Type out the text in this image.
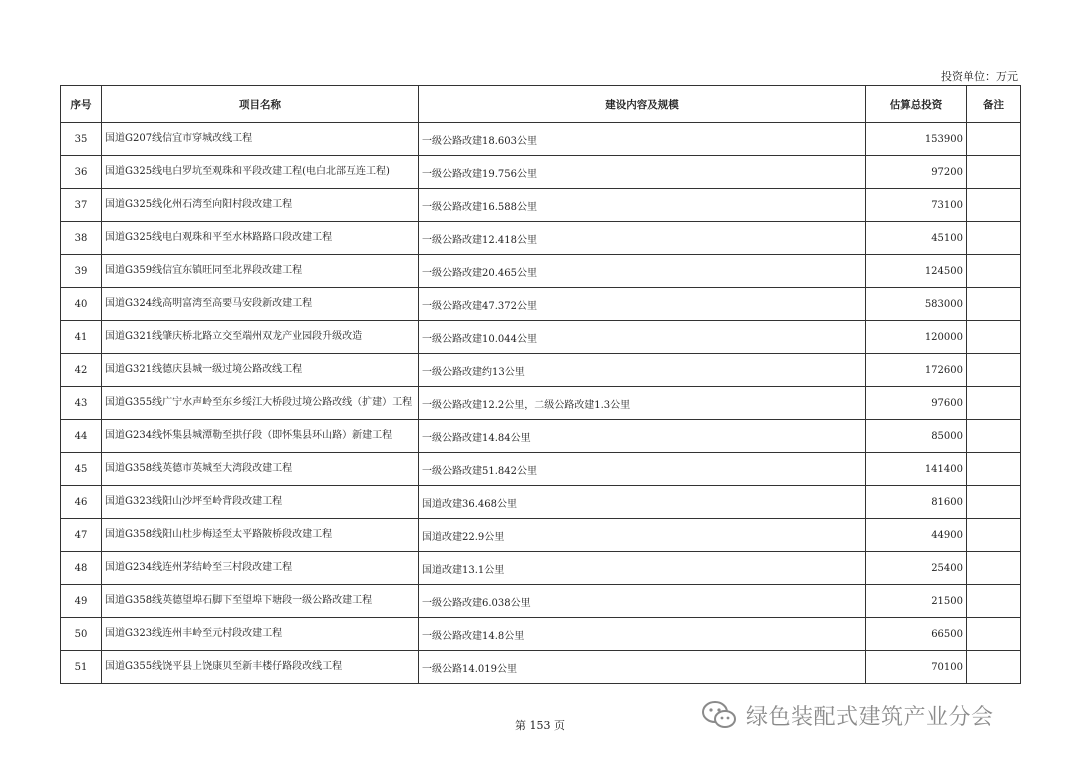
投资单位：万元
序号	项目名称	建设内容及规模	估算总投资	备注
35	国道G207线信宜市穿城改线工程	一级公路改建18.603公里	153900	
36	国道G325线电白罗坑至观珠和平段改建工程(电白北部互连工程)	一级公路改建19.756公里	97200	
37	国道G325线化州石湾至向阳村段改建工程	一级公路改建16.588公里	73100	
38	国道G325线电白观珠和平至水林路路口段改建工程	一级公路改建12.418公里	45100	
39	国道G359线信宜东镇旺同至北界段改建工程	一级公路改建20.465公里	124500	
40	国道G324线高明富湾至高要马安段新改建工程	一级公路改建47.372公里	583000	
41	国道G321线肇庆桥北路立交至端州双龙产业园段升级改造	一级公路改建10.044公里	120000	
42	国道G321线德庆县城一级过境公路改线工程	一级公路改建约13公里	172600	
43	国道G355线广宁水声岭至东乡绥江大桥段过境公路改线（扩建）工程	一级公路改建12.2公里，二级公路改建1.3公里	97600	
44	国道G234线怀集县城潭勒至拱仔段（即怀集县环山路）新建工程	一级公路改建14.84公里	85000	
45	国道G358线英德市英城至大湾段改建工程	一级公路改建51.842公里	141400	
46	国道G323线阳山沙坪至岭背段改建工程	国道改建36.468公里	81600	
47	国道G358线阳山杜步梅迳至太平路陂桥段改建工程	国道改建22.9公里	44900	
48	国道G234线连州茅结岭至三村段改建工程	国道改建13.1公里	25400	
49	国道G358线英德望埠石脚下至望埠下塘段一级公路改建工程	一级公路改建6.038公里	21500	
50	国道G323线连州丰岭至元村段改建工程	一级公路改建14.8公里	66500	
51	国道G355线饶平县上饶康贝至新丰楼仔路段改线工程	一级公路14.019公里	70100	
第 153 页	绿色装配式建筑产业分会
